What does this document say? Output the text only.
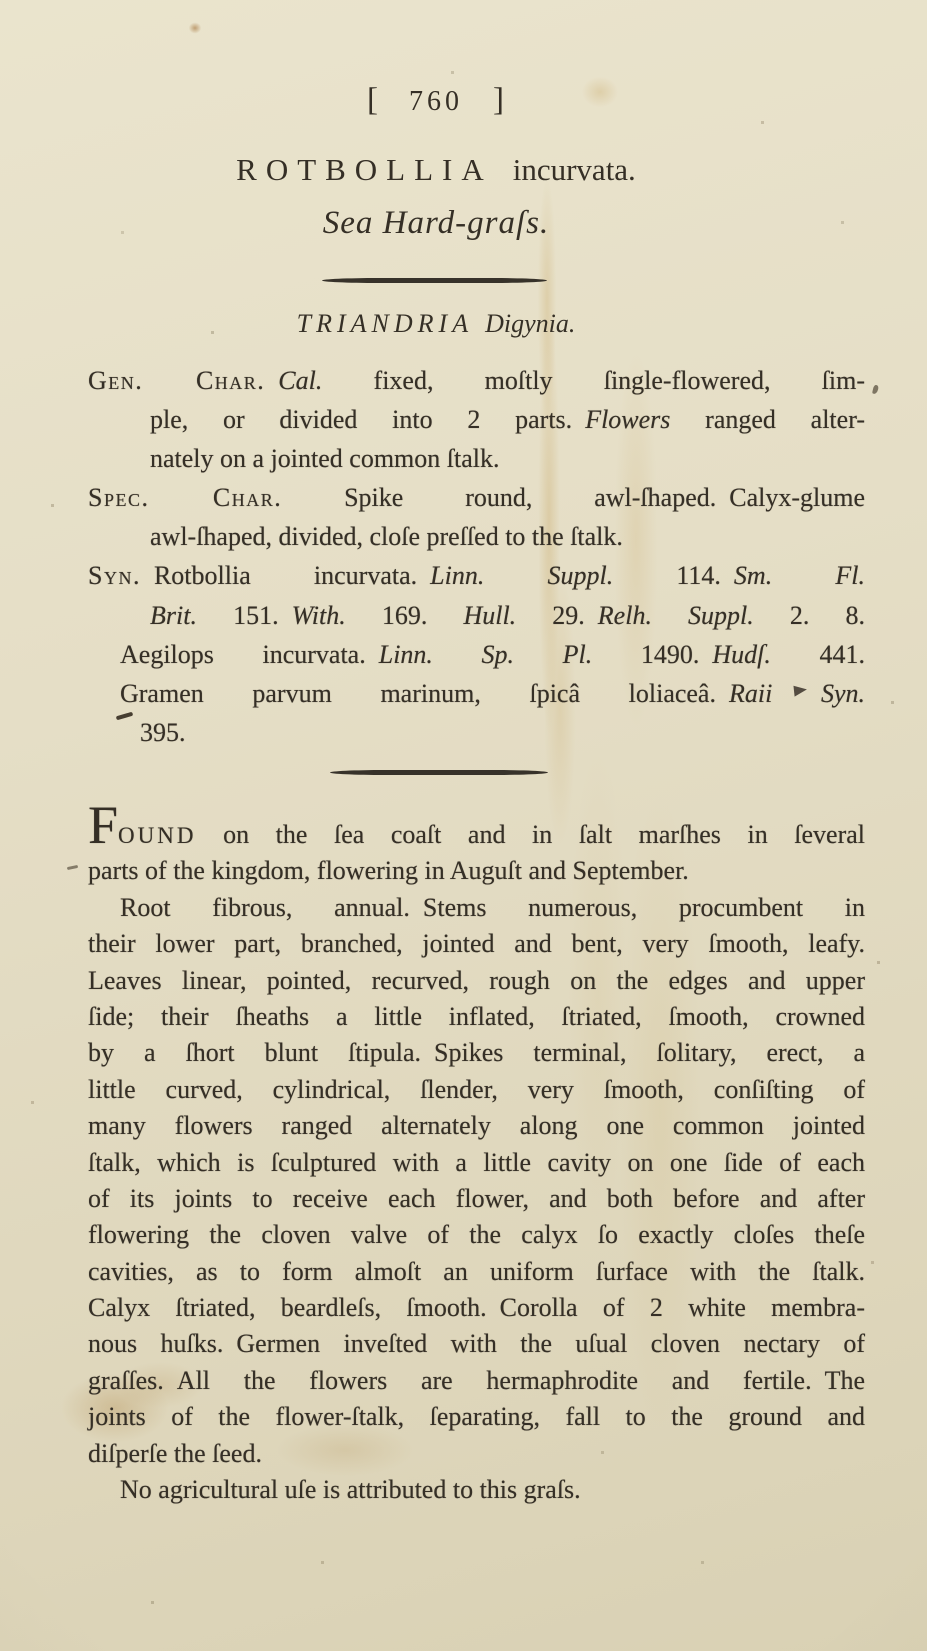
[ 760 ]
ROTBOLLIA incurvata.
Sea Hard-graſs.
TRIANDRIA Digynia.
Gen. Char.  Cal. fixed, moſtly ſingle-flowered, ſim-
ple, or divided into 2 parts. Flowers ranged alter-
nately on a jointed common ſtalk.
Spec. Char. Spike round, awl-ſhaped. Calyx-glume
awl-ſhaped, divided, cloſe preſſed to the ſtalk.
Syn. Rotbollia incurvata. Linn. Suppl. 114. Sm. Fl.
Brit. 151. With. 169. Hull. 29. Relh. Suppl. 2. 8.
Aegilops incurvata. Linn. Sp. Pl. 1490. Hudſ. 441.
Gramen parvum marinum, ſpicâ loliaceâ. Raii Syn.
395.
FOUND on the ſea coaſt and in ſalt marſhes in ſeveral
parts of the kingdom, flowering in Auguſt and September.
Root fibrous, annual. Stems numerous, procumbent in
their lower part, branched, jointed and bent, very ſmooth, leafy.
Leaves linear, pointed, recurved, rough on the edges and upper
ſide; their ſheaths a little inflated, ſtriated, ſmooth, crowned
by a ſhort blunt ſtipula. Spikes terminal, ſolitary, erect, a
little curved, cylindrical, ſlender, very ſmooth, conſiſting of
many flowers ranged alternately along one common jointed
ſtalk, which is ſculptured with a little cavity on one ſide of each
of its joints to receive each flower, and both before and after
flowering the cloven valve of the calyx ſo exactly cloſes theſe
cavities, as to form almoſt an uniform ſurface with the ſtalk.
Calyx ſtriated, beardleſs, ſmooth. Corolla of 2 white membra-
nous huſks. Germen inveſted with the uſual cloven nectary of
graſſes. All the flowers are hermaphrodite and fertile. The
joints of the flower-ſtalk, ſeparating, fall to the ground and
diſperſe the ſeed.
No agricultural uſe is attributed to this graſs.
